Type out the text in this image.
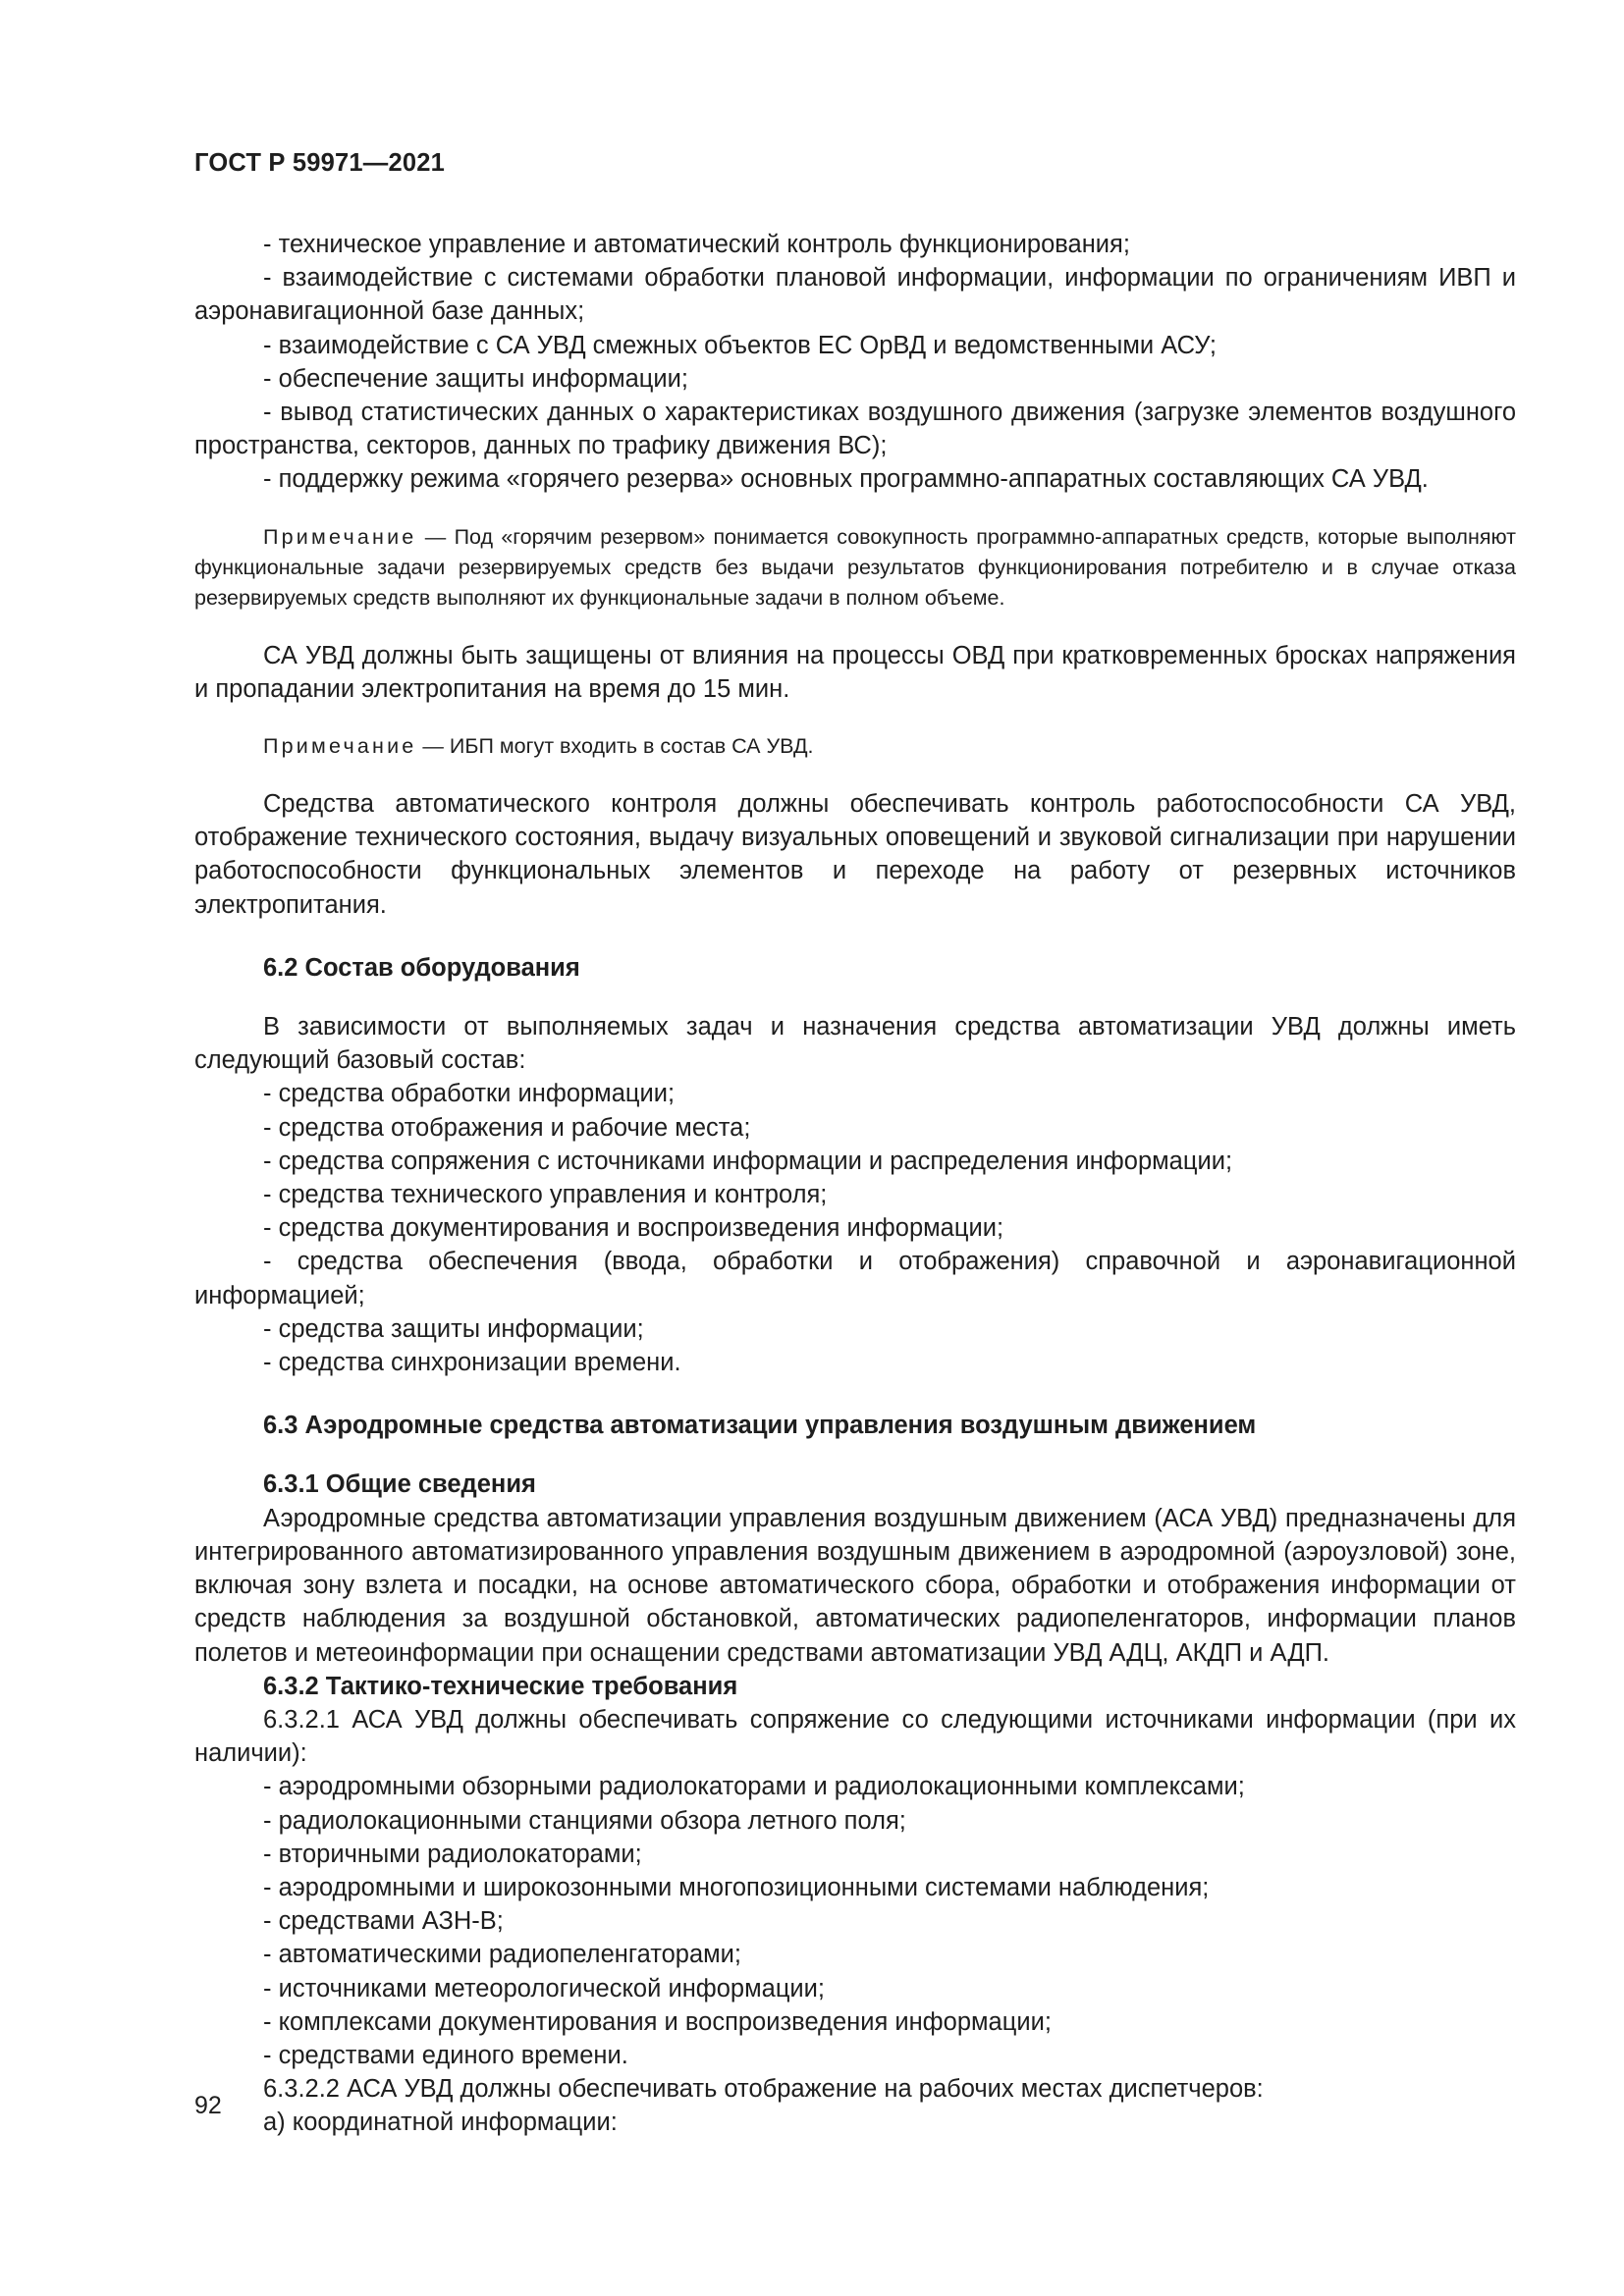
ГОСТ Р 59971—2021

- техническое управление и автоматический контроль функционирования;

- взаимодействие с системами обработки плановой информации, информации по ограничениям ИВП и аэронавигационной базе данных;

- взаимодействие с СА УВД смежных объектов ЕС ОрВД и ведомственными АСУ;

- обеспечение защиты информации;

- вывод статистических данных о характеристиках воздушного движения (загрузке элементов воздушного пространства, секторов, данных по трафику движения ВС);

- поддержку режима «горячего резерва» основных программно-аппаратных составляющих СА УВД.

Примечание — Под «горячим резервом» понимается совокупность программно-аппаратных средств, которые выполняют функциональные задачи резервируемых средств без выдачи результатов функционирования потребителю и в случае отказа резервируемых средств выполняют их функциональные задачи в полном объеме.

СА УВД должны быть защищены от влияния на процессы ОВД при кратковременных бросках напряжения и пропадании электропитания на время до 15 мин.

Примечание — ИБП могут входить в состав СА УВД.

Средства автоматического контроля должны обеспечивать контроль работоспособности СА УВД, отображение технического состояния, выдачу визуальных оповещений и звуковой сигнализации при нарушении работоспособности функциональных элементов и переходе на работу от резервных источников электропитания.

6.2 Состав оборудования

В зависимости от выполняемых задач и назначения средства автоматизации УВД должны иметь следующий базовый состав:

- средства обработки информации;

- средства отображения и рабочие места;

- средства сопряжения с источниками информации и распределения информации;

- средства технического управления и контроля;

- средства документирования и воспроизведения информации;

- средства обеспечения (ввода, обработки и отображения) справочной и аэронавигационной информацией;

- средства защиты информации;

- средства синхронизации времени.

6.3 Аэродромные средства автоматизации управления воздушным движением

6.3.1 Общие сведения

Аэродромные средства автоматизации управления воздушным движением (АСА УВД) предназначены для интегрированного автоматизированного управления воздушным движением в аэродромной (аэроузловой) зоне, включая зону взлета и посадки, на основе автоматического сбора, обработки и отображения информации от средств наблюдения за воздушной обстановкой, автоматических радиопеленгаторов, информации планов полетов и метеоинформации при оснащении средствами автоматизации УВД АДЦ, АКДП и АДП.

6.3.2 Тактико-технические требования

6.3.2.1 АСА УВД должны обеспечивать сопряжение со следующими источниками информации (при их наличии):

- аэродромными обзорными радиолокаторами и радиолокационными комплексами;

- радиолокационными станциями обзора летного поля;

- вторичными радиолокаторами;

- аэродромными и широкозонными многопозиционными системами наблюдения;

- средствами АЗН-В;

- автоматическими радиопеленгаторами;

- источниками метеорологической информации;

- комплексами документирования и воспроизведения информации;

- средствами единого времени.

6.3.2.2 АСА УВД должны обеспечивать отображение на рабочих местах диспетчеров:

а) координатной информации:

92
